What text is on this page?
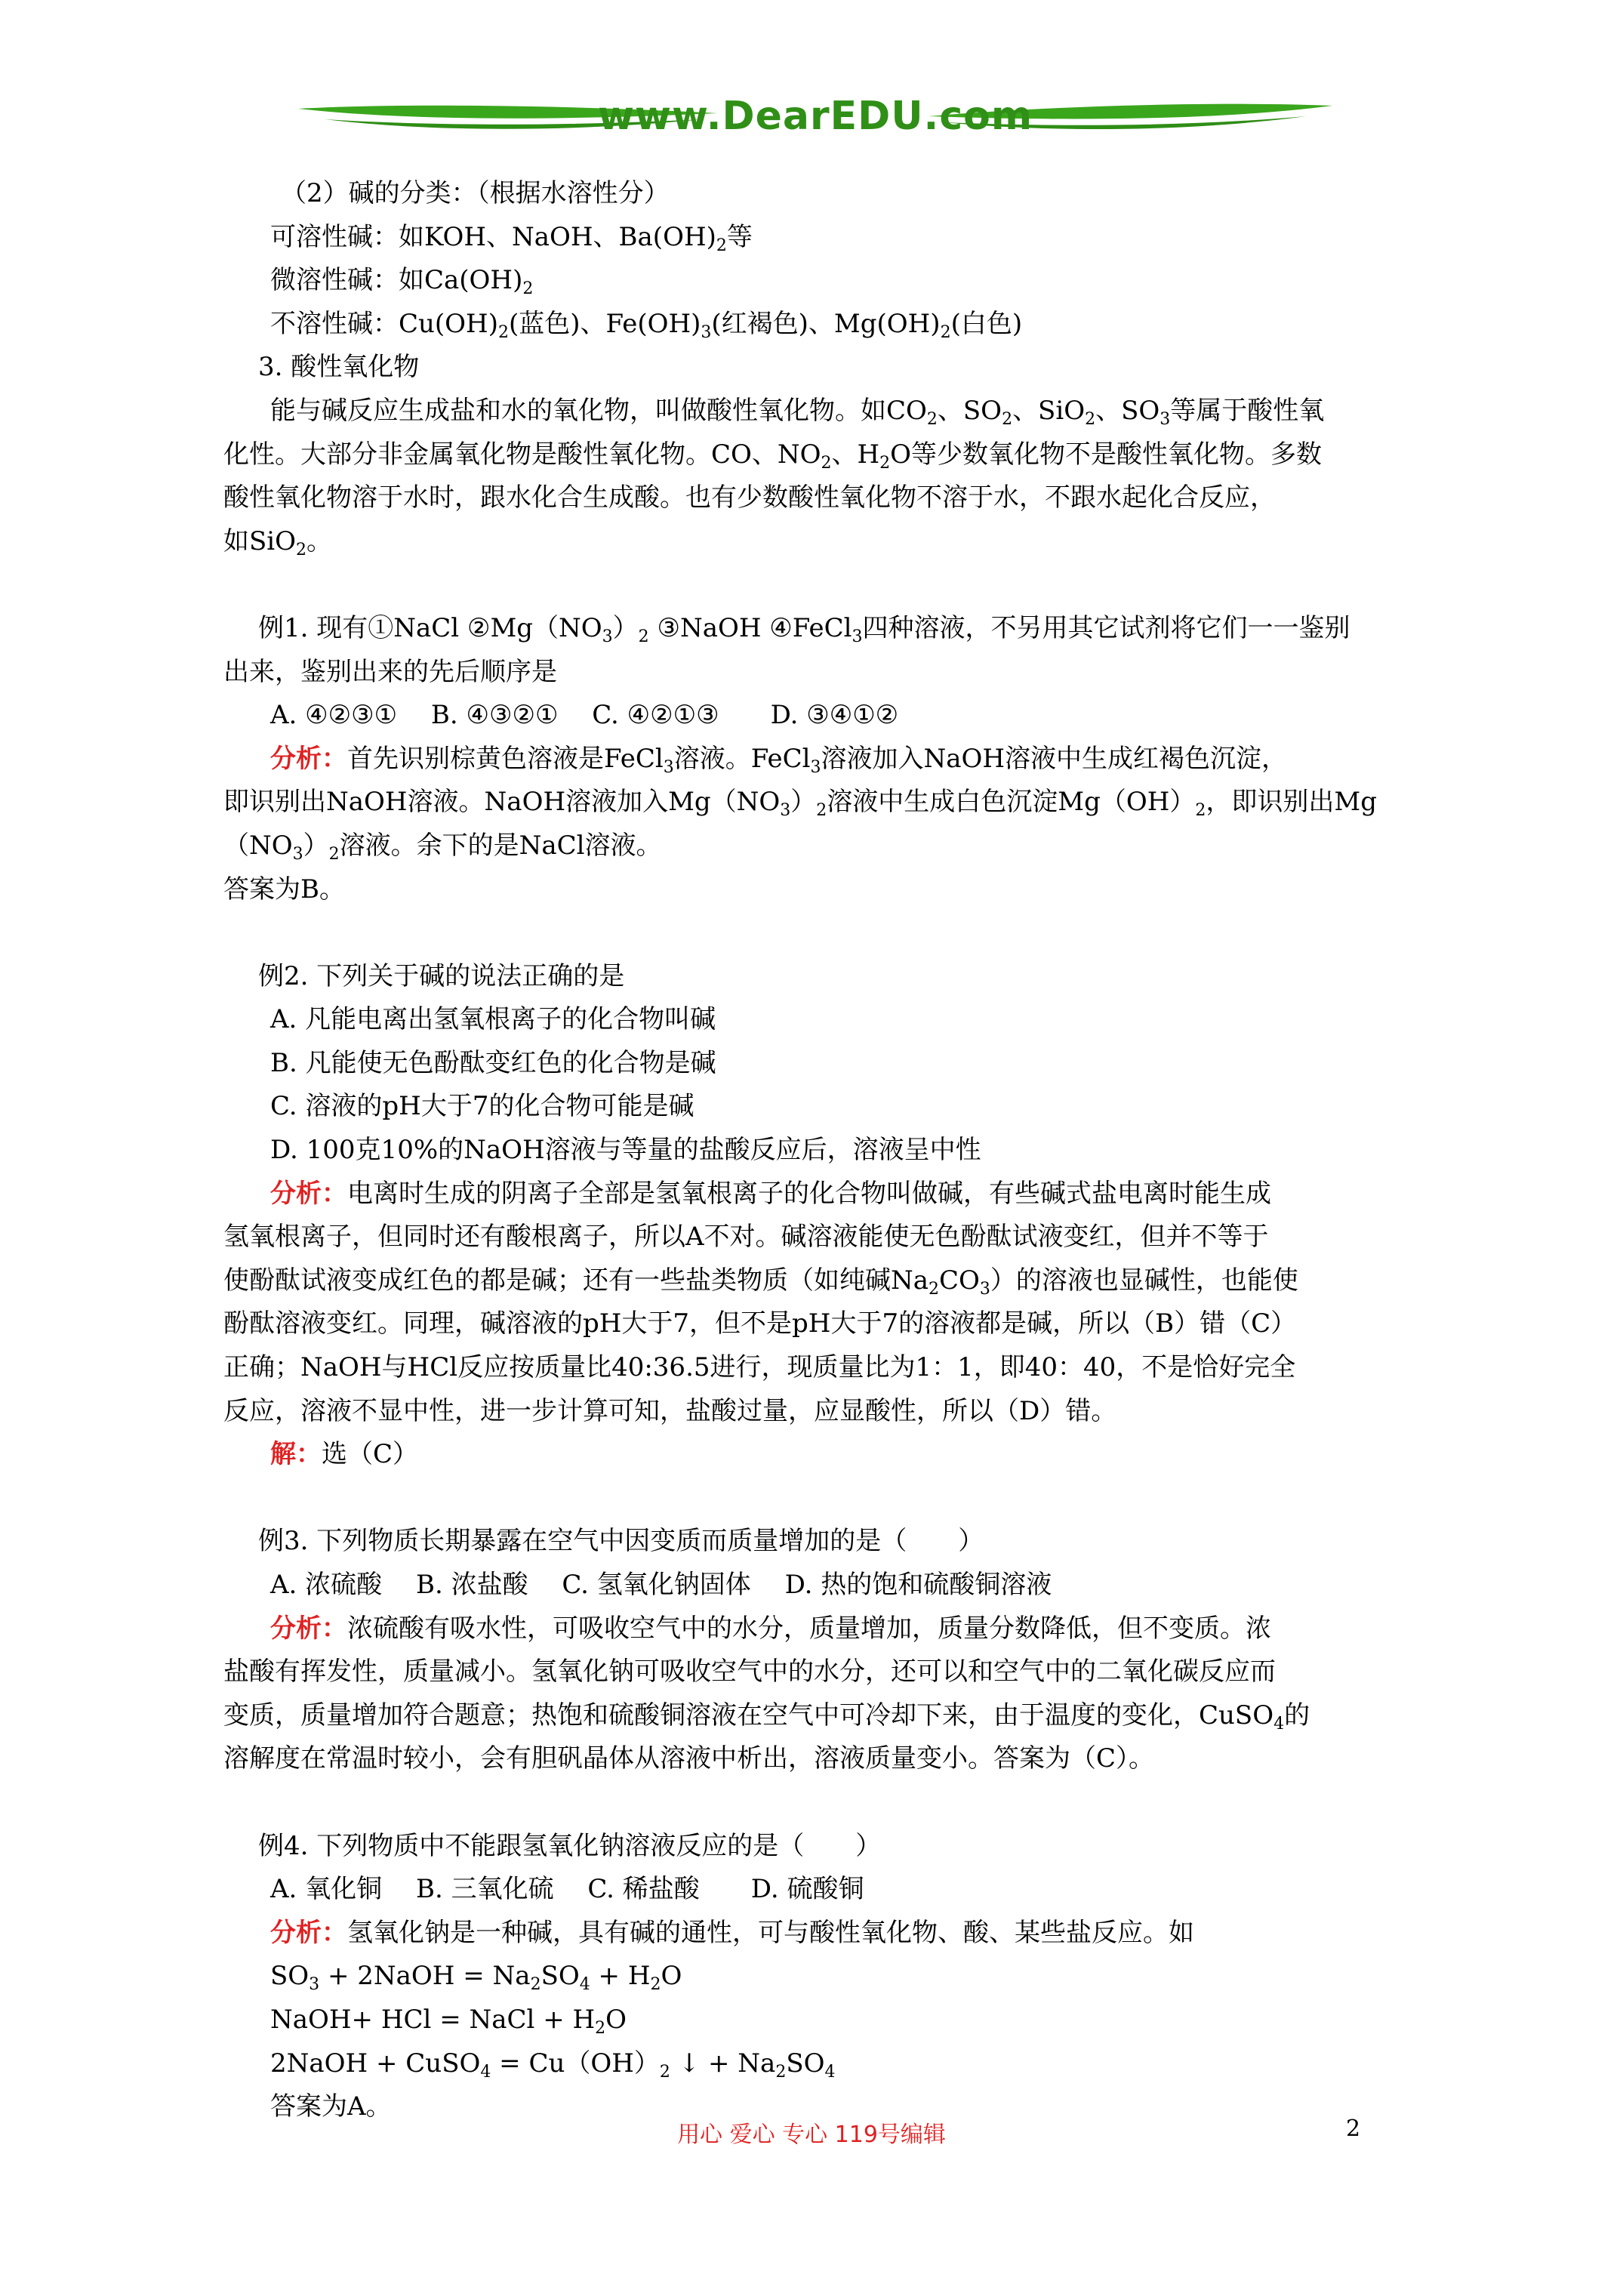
www.DearEDU.com
（2）碱的分类：（根据水溶性分）
可溶性碱：如KOH、NaOH、$Ba(OH)_2$等
微溶性碱：如$Ca(OH)_2$
不溶性碱：$Cu(OH)_2$(蓝色)、$Fe(OH)_3$(红褐色)、$Mg(OH)_2$(白色)
3. 酸性氧化物
能与碱反应生成盐和水的氧化物，叫做酸性氧化物。如$CO_2$、$SO_2$、SiO$_2$、$SO_3$等属于酸性氧
化性。大部分非金属氧化物是酸性氧化物。CO、$NO_2$、$H_2O$等少数氧化物不是酸性氧化物。多数
酸性氧化物溶于水时，跟水化合生成酸。也有少数酸性氧化物不溶于水，不跟水起化合反应，
如SiO$_2$。
例1. 现有①NaCl $②Mg(NO_3)_2$ ③NaOH ④FeCl$_3$四种溶液，不另用其它试剂将它们一一鉴别
出来，鉴别出来的先后顺序是
A. ④②③①　 B. ④③②①　 C. ④②①③　　D. ③④①②
分析：首先识别棕黄色溶液是FeCl$_3$溶液。FeCl$_3$溶液加入NaOH溶液中生成红褐色沉淀，
即识别出NaOH溶液。NaOH溶液加入$Mg(NO_3)_2$溶液中生成白色沉淀$Mg(OH)_2$，即识别出Mg
$(NO_3)_2$溶液。余下的是NaCl溶液。
答案为B。
例2. 下列关于碱的说法正确的是
A. 凡能电离出氢氧根离子的化合物叫碱
B. 凡能使无色酚酞变红色的化合物是碱
C. 溶液的pH大于7的化合物可能是碱
D. 100克10%的NaOH溶液与等量的盐酸反应后，溶液呈中性
分析：电离时生成的阴离子全部是氢氧根离子的化合物叫做碱，有些碱式盐电离时能生成
氢氧根离子，但同时还有酸根离子，所以A不对。碱溶液能使无色酚酞试液变红，但并不等于
使酚酞试液变成红色的都是碱；还有一些盐类物质（如纯碱$Na_2CO_3$）的溶液也显碱性，也能使
酚酞溶液变红。同理，碱溶液的pH大于7，但不是pH大于7的溶液都是碱，所以（B）错（C）
正确；NaOH与HCl反应按质量比40:36.5进行，现质量比为1：1，即40：40，不是恰好完全
反应，溶液不显中性，进一步计算可知，盐酸过量，应显酸性，所以（D）错。
解：选（C）
例3. 下列物质长期暴露在空气中因变质而质量增加的是（　　）
A. 浓硫酸　 B. 浓盐酸　 C. 氢氧化钠固体　 D. 热的饱和硫酸铜溶液
分析：浓硫酸有吸水性，可吸收空气中的水分，质量增加，质量分数降低，但不变质。浓
盐酸有挥发性，质量减小。氢氧化钠可吸收空气中的水分，还可以和空气中的二氧化碳反应而
变质，质量增加符合题意；热饱和硫酸铜溶液在空气中可冷却下来，由于温度的变化，CuSO$_4$的
溶解度在常温时较小，会有胆矾晶体从溶液中析出，溶液质量变小。答案为（C）。
例4. 下列物质中不能跟氢氧化钠溶液反应的是（　　）
A. 氧化铜　 B. 三氧化硫　 C. 稀盐酸　　D. 硫酸铜
分析：氢氧化钠是一种碱，具有碱的通性，可与酸性氧化物、酸、某些盐反应。如
$SO_3$ + 2NaOH = $Na_2SO_4 + H_2O$
NaOH+ HCl = NaCl + $H_2O$
2NaOH + CuSO$_4$ = $Cu(OH)_2$ ↓ + $Na_2SO_4$
答案为A。
用心 爱心 专心 119号编辑	2
